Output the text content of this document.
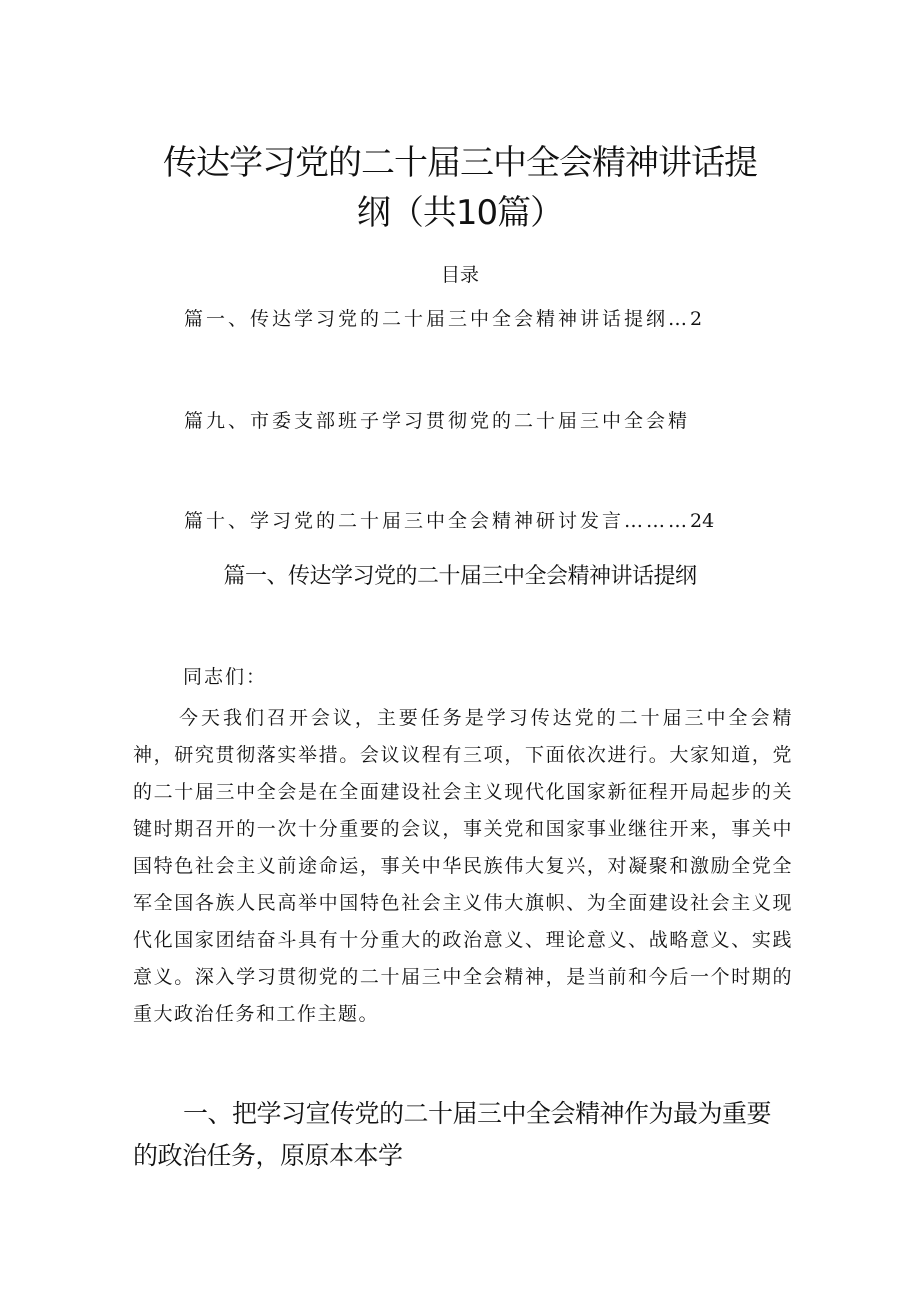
传达学习党的二十届三中全会精神讲话提
纲（共10篇）
目录
篇一、传达学习党的二十届三中全会精神讲话提纲…2
篇九、市委支部班子学习贯彻党的二十届三中全会精
篇十、学习党的二十届三中全会精神研讨发言………24
篇一、传达学习党的二十届三中全会精神讲话提纲
同志们：

今天我们召开会议，主要任务是学习传达党的二十届三中全会精神，研究贯彻落实举措。会议议程有三项，下面依次进行。大家知道，党的二十届三中全会是在全面建设社会主义现代化国家新征程开局起步的关键时期召开的一次十分重要的会议，事关党和国家事业继往开来，事关中国特色社会主义前途命运，事关中华民族伟大复兴，对凝聚和激励全党全军全国各族人民高举中国特色社会主义伟大旗帜、为全面建设社会主义现代化国家团结奋斗具有十分重大的政治意义、理论意义、战略意义、实践意义。深入学习贯彻党的二十届三中全会精神，是当前和今后一个时期的重大政治任务和工作主题。

一、把学习宣传党的二十届三中全会精神作为最为重要的政治任务，原原本本学
